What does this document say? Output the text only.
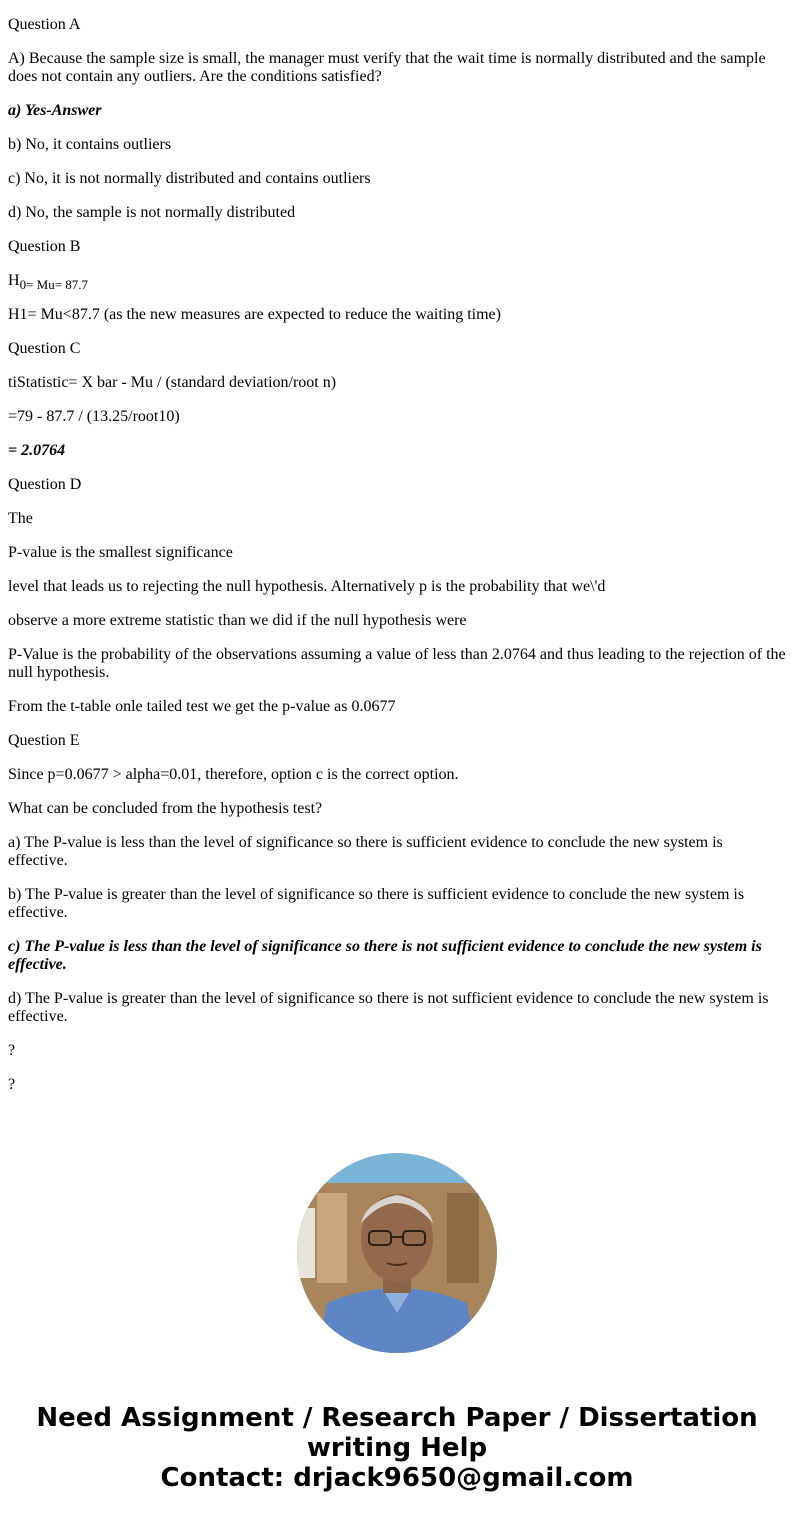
Question A

A) Because the sample size is small, the manager must verify that the wait time is normally distributed and the sample does not contain any outliers. Are the conditions satisfied?

a) Yes-Answer

b) No, it contains outliers

c) No, it is not normally distributed and contains outliers

d) No, the sample is not normally distributed

Question B

$H_{0= Mu= 87.7}$

H1= Mu<87.7 (as the new measures are expected to reduce the waiting time)

Question C

tiStatistic= X bar - Mu / (standard deviation/root n)

=79 - 87.7 / (13.25/root10)

= 2.0764

Question D

The

P-value is the smallest significance

level that leads us to rejecting the null hypothesis. Alternatively p is the probability that we\'d

observe a more extreme statistic than we did if the null hypothesis were

P-Value is the probability of the observations assuming a value of less than 2.0764 and thus leading to the rejection of the null hypothesis.

From the t-table onle tailed test we get the p-value as 0.0677

Question E

Since p=0.0677 > alpha=0.01, therefore, option c is the correct option.

What can be concluded from the hypothesis test?

a) The P-value is less than the level of significance so there is sufficient evidence to conclude the new system is effective.

b) The P-value is greater than the level of significance so there is sufficient evidence to conclude the new system is effective.

c) The P-value is less than the level of significance so there is not sufficient evidence to conclude the new system is effective.

d) The P-value is greater than the level of significance so there is not sufficient evidence to conclude the new system is effective.

?

?

Need Assignment / Research Paper / Dissertation
writing Help
Contact: drjack9650@gmail.com
